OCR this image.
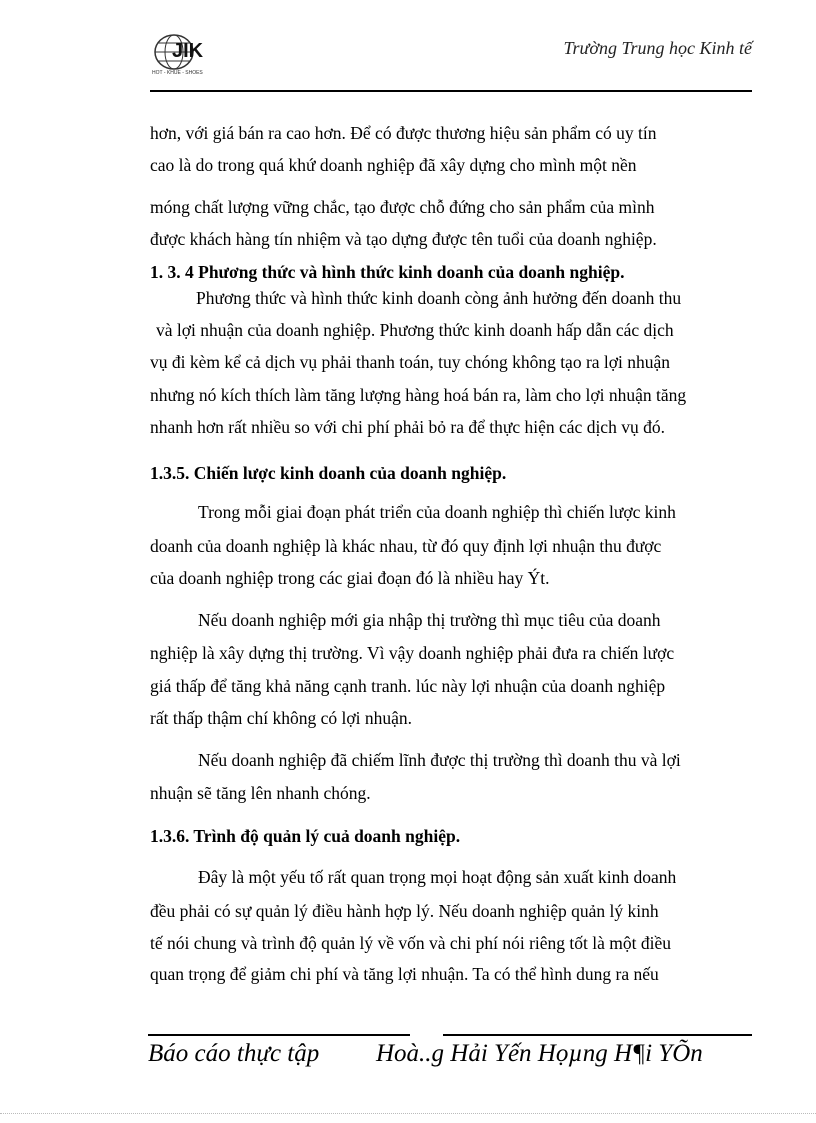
JIK
HOT - KHUE - SHOES
Trường Trung học Kinh tế
hơn, với giá bán ra cao hơn. Để có được thương hiệu sản phẩm có uy tín
cao là do trong quá khứ doanh nghiệp đã xây dựng cho mình một nền
móng chất lượng vững chắc, tạo được chỗ đứng cho sản phẩm của mình
được khách hàng tín nhiệm và tạo dựng được tên tuổi của doanh nghiệp.
1. 3. 4 Phương thức và hình thức kinh doanh của doanh nghiệp.
Phương thức và hình thức kinh doanh còng ảnh hưởng đến doanh thu
và lợi nhuận của doanh nghiệp. Phương thức kinh doanh hấp dẫn các dịch
vụ đi kèm kể cả dịch vụ phải thanh toán, tuy chóng không tạo ra lợi nhuận
nhưng nó kích thích làm tăng lượng hàng hoá bán ra, làm cho lợi nhuận tăng
nhanh hơn rất nhiều so với chi phí phải bỏ ra để thực hiện các dịch vụ đó.
1.3.5. Chiến lược kinh doanh của doanh nghiệp.
Trong mỗi giai đoạn phát triển của doanh nghiệp thì chiến lược kinh
doanh của doanh nghiệp là khác nhau, từ đó quy định lợi nhuận thu được
của doanh nghiệp trong các giai đoạn đó là nhiều hay Ýt.
Nếu doanh nghiệp mới gia nhập thị trường thì mục tiêu của doanh
nghiệp là xây dựng thị trường. Vì vậy doanh nghiệp phải đưa ra chiến lược
giá thấp để tăng khả năng cạnh tranh. lúc này lợi nhuận của doanh nghiệp
rất thấp thậm chí không có lợi nhuận.
Nếu doanh nghiệp đã chiếm lĩnh được thị trường thì doanh thu và lợi
nhuận sẽ tăng lên nhanh chóng.
1.3.6. Trình độ quản lý cuả doanh nghiệp.
Đây là một yếu tố rất quan trọng mọi hoạt động sản xuất kinh doanh
đều phải có sự quản lý điều hành hợp lý. Nếu doanh nghiệp quản lý kinh
tế nói chung và trình độ quản lý về vốn và chi phí nói riêng tốt là một điều
quan trọng để giảm chi phí và tăng lợi nhuận. Ta có thể hình dung ra nếu
Báo cáo thực tập Hoà..g Hải Yến Họµng H¶i YÕn
